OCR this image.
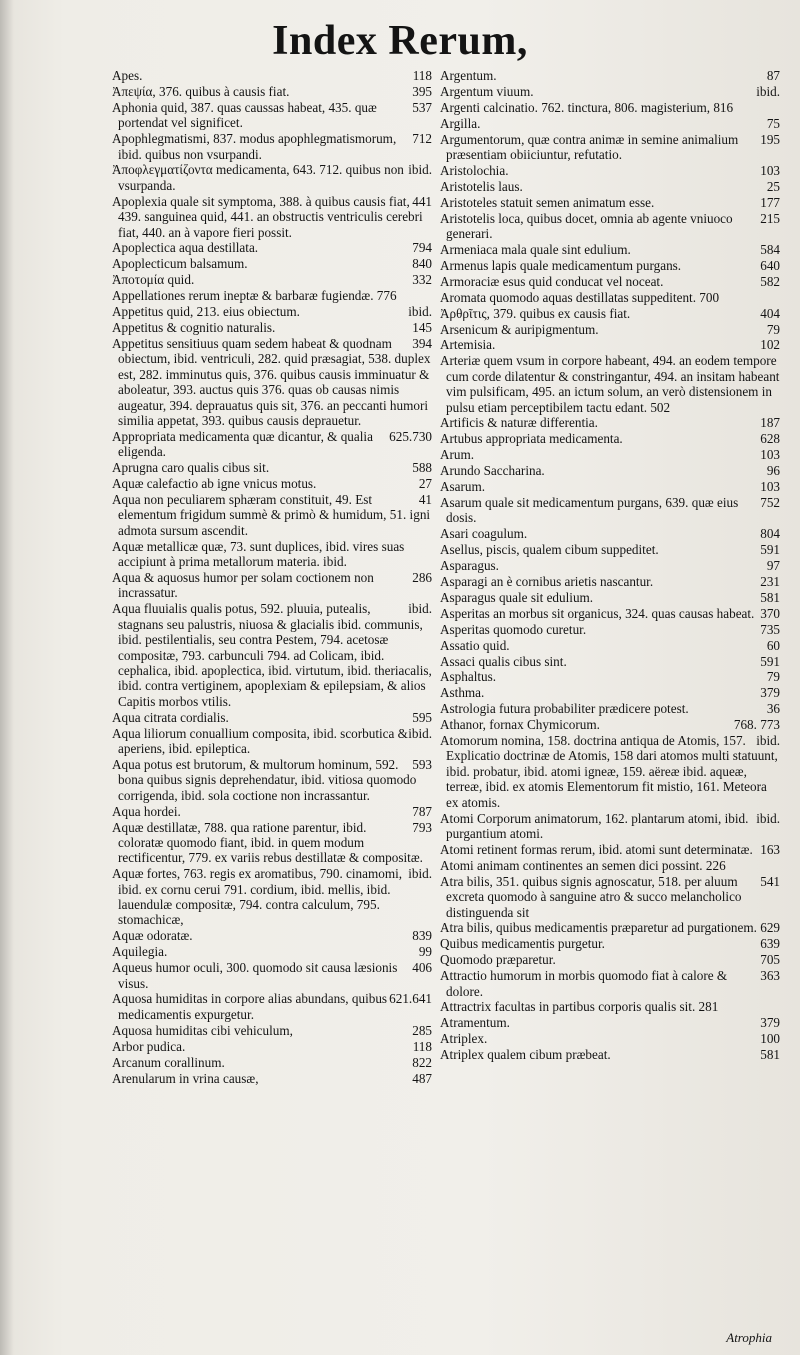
Index Rerum,
118
Apes.
395
Ἀπεψία, 376. quibus à causis fiat.
537
Aphonia quid, 387. quas caussas habeat, 435. quæ portendat vel significet.
712
Apophlegmatismi, 837. modus apophlegmatismorum, ibid. quibus non vsurpandi.
ibid.
Ἀποφλεγματίζοντα medicamenta, 643. 712. quibus non vsurpanda.
441
Apoplexia quale sit symptoma, 388. à quibus causis fiat, 439. sanguinea quid, 441. an obstructis ventriculis cerebri fiat, 440. an à vapore fieri possit.
794
Apoplectica aqua destillata.
840
Apoplecticum balsamum.
332
Ἀποτομία quid.
Appellationes rerum ineptæ & barbaræ fugiendæ. 776
ibid.
Appetitus quid, 213. eius obiectum.
145
Appetitus & cognitio naturalis.
394
Appetitus sensitiuus quam sedem habeat & quodnam obiectum, ibid. ventriculi, 282. quid præsagiat, 538. duplex est, 282. imminutus quis, 376. quibus causis imminuatur & aboleatur, 393. auctus quis 376. quas ob causas nimis augeatur, 394. deprauatus quis sit, 376. an peccanti humori similia appetat, 393. quibus causis deprauetur.
625.730
Appropriata medicamenta quæ dicantur, & qualia eligenda.
588
Aprugna caro qualis cibus sit.
27
Aquæ calefactio ab igne vnicus motus.
41
Aqua non peculiarem sphæram constituit, 49. Est elementum frigidum summè & primò & humidum, 51. igni admota sursum ascendit.
Aquæ metallicæ quæ, 73. sunt duplices, ibid. vires suas accipiunt à prima metallorum materia. ibid.
286
Aqua & aquosus humor per solam coctionem non incrassatur.
ibid.
Aqua fluuialis qualis potus, 592. pluuia, putealis, stagnans seu palustris, niuosa & glacialis ibid. communis, ibid. pestilentialis, seu contra Pestem, 794. acetosæ compositæ, 793. carbunculi 794. ad Colicam, ibid. cephalica, ibid. apoplectica, ibid. virtutum, ibid. theriacalis, ibid. contra vertiginem, apoplexiam & epilepsiam, & alios Capitis morbos vtilis.
595
Aqua citrata cordialis.
ibid.
Aqua liliorum conuallium composita, ibid. scorbutica & aperiens, ibid. epileptica.
593
Aqua potus est brutorum, & multorum hominum, 592. bona quibus signis deprehendatur, ibid. vitiosa quomodo corrigenda, ibid. sola coctione non incrassantur.
787
Aqua hordei.
793
Aquæ destillatæ, 788. qua ratione parentur, ibid. coloratæ quomodo fiant, ibid. in quem modum rectificentur, 779. ex variis rebus destillatæ & compositæ.
ibid.
Aquæ fortes, 763. regis ex aromatibus, 790. cinamomi, ibid. ex cornu cerui 791. cordium, ibid. mellis, ibid. lauendulæ compositæ, 794. contra calculum, 795. stomachicæ,
839
Aquæ odoratæ.
99
Aquilegia.
406
Aqueus humor oculi, 300. quomodo sit causa læsionis visus.
621.641
Aquosa humiditas in corpore alias abundans, quibus medicamentis expurgetur.
285
Aquosa humiditas cibi vehiculum,
118
Arbor pudica.
822
Arcanum corallinum.
487
Arenularum in vrina causæ,
87
Argentum.
ibid.
Argentum viuum.
Argenti calcinatio. 762. tinctura, 806. magisterium, 816
75
Argilla.
195
Argumentorum, quæ contra animæ in semine animalium præsentiam obiiciuntur, refutatio.
103
Aristolochia.
25
Aristotelis laus.
177
Aristoteles statuit semen animatum esse.
215
Aristotelis loca, quibus docet, omnia ab agente vniuoco generari.
584
Armeniaca mala quale sint edulium.
640
Armenus lapis quale medicamentum purgans.
582
Armoraciæ esus quid conducat vel noceat.
Aromata quomodo aquas destillatas suppeditent. 700
404
Ἀρθρῖτις, 379. quibus ex causis fiat.
79
Arsenicum & auripigmentum.
102
Artemisia.
Arteriæ quem vsum in corpore habeant, 494. an eodem tempore cum corde dilatentur & constringantur, 494. an insitam habeant vim pulsificam, 495. an ictum solum, an verò distensionem in pulsu etiam perceptibilem tactu edant. 502
187
Artificis & naturæ differentia.
628
Artubus appropriata medicamenta.
103
Arum.
96
Arundo Saccharina.
103
Asarum.
752
Asarum quale sit medicamentum purgans, 639. quæ eius dosis.
804
Asari coagulum.
591
Asellus, piscis, qualem cibum suppeditet.
97
Asparagus.
231
Asparagi an è cornibus arietis nascantur.
581
Asparagus quale sit edulium.
370
Asperitas an morbus sit organicus, 324. quas causas habeat.
735
Asperitas quomodo curetur.
60
Assatio quid.
591
Assaci qualis cibus sint.
79
Asphaltus.
379
Asthma.
36
Astrologia futura probabiliter prædicere potest.
768. 773
Athanor, fornax Chymicorum.
ibid.
Atomorum nomina, 158. doctrina antiqua de Atomis, 157. Explicatio doctrinæ de Atomis, 158 dari atomos multi statuunt, ibid. probatur, ibid. atomi igneæ, 159. aëreæ ibid. aqueæ, terreæ, ibid. ex atomis Elementorum fit mistio, 161. Meteora ex atomis.
ibid.
Atomi Corporum animatorum, 162. plantarum atomi, ibid. purgantium atomi.
163
Atomi retinent formas rerum, ibid. atomi sunt determinatæ.
Atomi animam continentes an semen dici possint. 226
541
Atra bilis, 351. quibus signis agnoscatur, 518. per aluum excreta quomodo à sanguine atro & succo melancholico distinguenda sit
629
Atra bilis, quibus medicamentis præparetur ad purgationem.
639
Quibus medicamentis purgetur.
705
Quomodo præparetur.
363
Attractio humorum in morbis quomodo fiat à calore & dolore.
Attractrix facultas in partibus corporis qualis sit. 281
379
Atramentum.
100
Atriplex.
581
Atriplex qualem cibum præbeat.
Atrophia
